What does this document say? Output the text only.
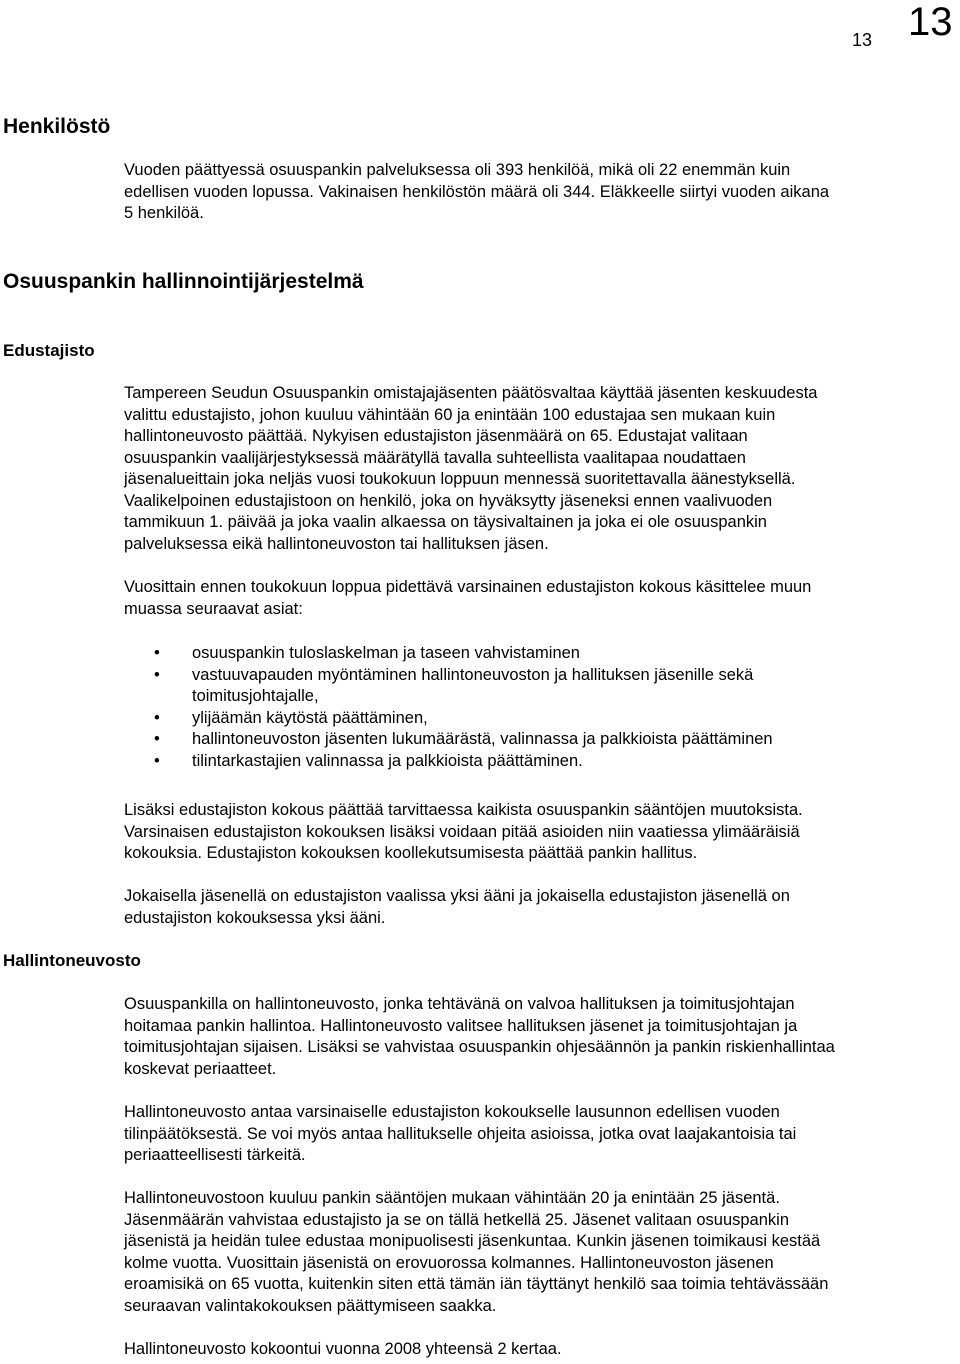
13 13
Henkilöstö

Vuoden päättyessä osuuspankin palveluksessa oli 393 henkilöä, mikä oli 22 enemmän kuin
edellisen vuoden lopussa. Vakinaisen henkilöstön määrä oli 344. Eläkkeelle siirtyi vuoden aikana
5 henkilöä.

Osuuspankin hallinnointijärjestelmä
Edustajisto

Tampereen Seudun Osuuspankin omistajajäsenten päätösvaltaa käyttää jäsenten keskuudesta
valittu edustajisto, johon kuuluu vähintään 60 ja enintään 100 edustajaa sen mukaan kuin
hallintoneuvosto päättää. Nykyisen edustajiston jäsenmäärä on 65. Edustajat valitaan
osuuspankin vaalijärjestyksessä määrätyllä tavalla suhteellista vaalitapaa noudattaen
jäsenalueittain joka neljäs vuosi toukokuun loppuun mennessä suoritettavalla äänestyksellä.
Vaalikelpoinen edustajistoon on henkilö, joka on hyväksytty jäseneksi ennen vaalivuoden
tammikuun 1. päivää ja joka vaalin alkaessa on täysivaltainen ja joka ei ole osuuspankin
palveluksessa eikä hallintoneuvoston tai hallituksen jäsen.

Vuosittain ennen toukokuun loppua pidettävä varsinainen edustajiston kokous käsittelee muun
muassa seuraavat asiat:

• osuuspankin tuloslaskelman ja taseen vahvistaminen
• vastuuvapauden myöntäminen hallintoneuvoston ja hallituksen jäsenille sekä
toimitusjohtajalle,
• ylijäämän käytöstä päättäminen,
• hallintoneuvoston jäsenten lukumäärästä, valinnassa ja palkkioista päättäminen
• tilintarkastajien valinnassa ja palkkioista päättäminen.

Lisäksi edustajiston kokous päättää tarvittaessa kaikista osuuspankin sääntöjen muutoksista.
Varsinaisen edustajiston kokouksen lisäksi voidaan pitää asioiden niin vaatiessa ylimääräisiä
kokouksia. Edustajiston kokouksen koollekutsumisesta päättää pankin hallitus.

Jokaisella jäsenellä on edustajiston vaalissa yksi ääni ja jokaisella edustajiston jäsenellä on
edustajiston kokouksessa yksi ääni.

Hallintoneuvosto

Osuuspankilla on hallintoneuvosto, jonka tehtävänä on valvoa hallituksen ja toimitusjohtajan
hoitamaa pankin hallintoa. Hallintoneuvosto valitsee hallituksen jäsenet ja toimitusjohtajan ja
toimitusjohtajan sijaisen. Lisäksi se vahvistaa osuuspankin ohjesäännön ja pankin riskienhallintaa
koskevat periaatteet.

Hallintoneuvosto antaa varsinaiselle edustajiston kokoukselle lausunnon edellisen vuoden
tilinpäätöksestä. Se voi myös antaa hallitukselle ohjeita asioissa, jotka ovat laajakantoisia tai
periaatteellisesti tärkeitä.

Hallintoneuvostoon kuuluu pankin sääntöjen mukaan vähintään 20 ja enintään 25 jäsentä.
Jäsenmäärän vahvistaa edustajisto ja se on tällä hetkellä 25. Jäsenet valitaan osuuspankin
jäsenistä ja heidän tulee edustaa monipuolisesti jäsenkuntaa. Kunkin jäsenen toimikausi kestää
kolme vuotta. Vuosittain jäsenistä on erovuorossa kolmannes. Hallintoneuvoston jäsenen
eroamisikä on 65 vuotta, kuitenkin siten että tämän iän täyttänyt henkilö saa toimia tehtävässään
seuraavan valintakokouksen päättymiseen saakka.

Hallintoneuvosto kokoontui vuonna 2008 yhteensä 2 kertaa.
